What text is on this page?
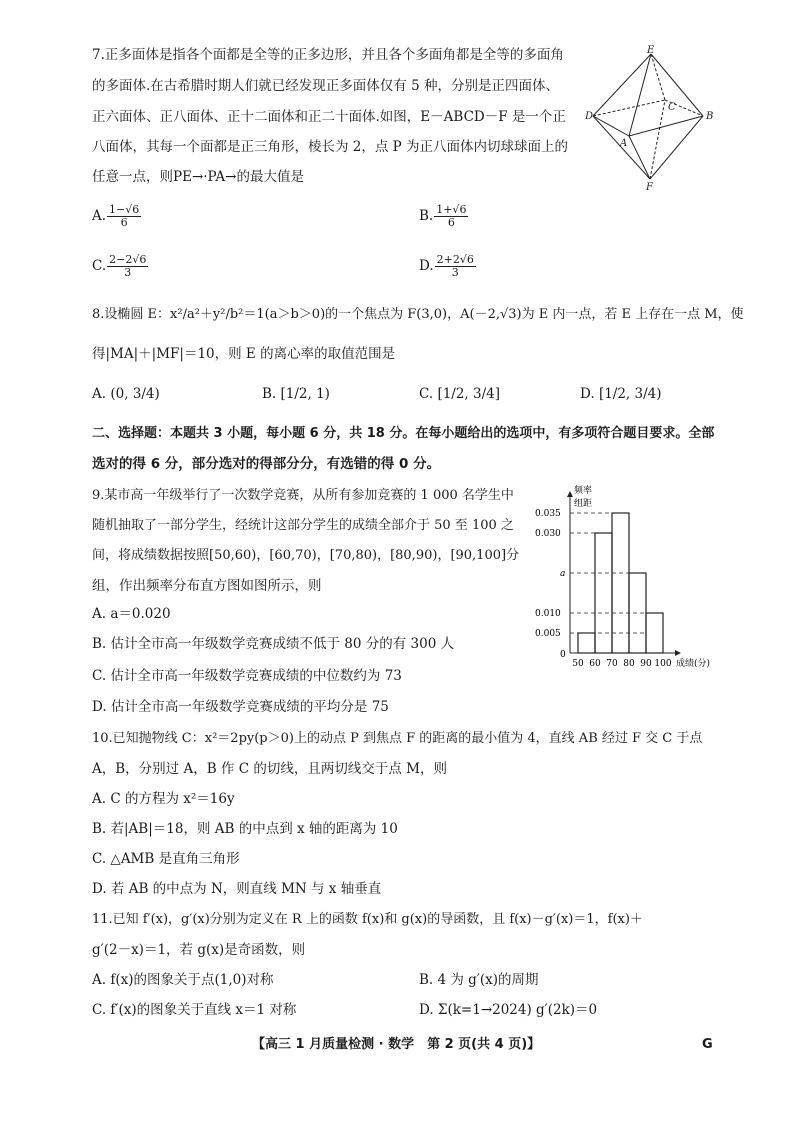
7.正多面体是指各个面都是全等的正多边形，并且各个多面角都是全等的多面角
的多面体.在古希腊时期人们就已经发现正多面体仅有 5 种，分别是正四面体、
正六面体、正八面体、正十二面体和正二十面体.如图，E－ABCD－F 是一个正
八面体，其每一个面都是正三角形，棱长为 2，点 P 为正八面体内切球球面上的
任意一点，则PE→·PA→的最大值是
E
D
C
B
A
F
A. $\frac{1-√6}{6}$	B. $\frac{1+√6}{6}$
C. $\frac{2-2√6}{3}$	D. $\frac{2+2√6}{3}$
8.设椭圆 E：x²/a²＋y²/b²＝1(a＞b＞0)的一个焦点为 F(3,0)，A(－2,√3)为 E 内一点，若 E 上存在一点 M，使
得|MA|＋|MF|＝10，则 E 的离心率的取值范围是
A. (0, 3/4)	B. [1/2, 1)	C. [1/2, 3/4]	D. [1/2, 3/4)
二、选择题：本题共 3 小题，每小题 6 分，共 18 分。在每小题给出的选项中，有多项符合题目要求。全部
选对的得 6 分，部分选对的得部分分，有选错的得 0 分。
9.某市高一年级举行了一次数学竞赛，从所有参加竞赛的 1 000 名学生中
随机抽取了一部分学生，经统计这部分学生的成绩全部介于 50 至 100 之
间，将成绩数据按照[50,60)，[60,70)，[70,80)，[80,90)，[90,100]分
组，作出频率分布直方图如图所示，则
A. a＝0.020
B. 估计全市高一年级数学竞赛成绩不低于 80 分的有 300 人
C. 估计全市高一年级数学竞赛成绩的中位数约为 73
D. 估计全市高一年级数学竞赛成绩的平均分是 75
频率
组距
0
成绩(分)
0.035
0.030
a
0.010
0.005
50 60 70 80 90 100
10.已知抛物线 C：x²＝2py(p＞0)上的动点 P 到焦点 F 的距离的最小值为 4，直线 AB 经过 F 交 C 于点
A，B，分别过 A，B 作 C 的切线，且两切线交于点 M，则
A. C 的方程为 x²＝16y
B. 若|AB|＝18，则 AB 的中点到 x 轴的距离为 10
C. △AMB 是直角三角形
D. 若 AB 的中点为 N，则直线 MN 与 x 轴垂直
11.已知 f′(x)，g′(x)分别为定义在 R 上的函数 f(x)和 g(x)的导函数，且 f(x)－g′(x)＝1，f(x)＋
g′(2－x)＝1，若 g(x)是奇函数，则
A. f(x)的图象关于点(1,0)对称	B. 4 为 g′(x)的周期
C. f′(x)的图象关于直线 x＝1 对称	D. Σ(k=1→2024) g′(2k)＝0
【高三 1 月质量检测 · 数学　第 2 页(共 4 页)】	G
